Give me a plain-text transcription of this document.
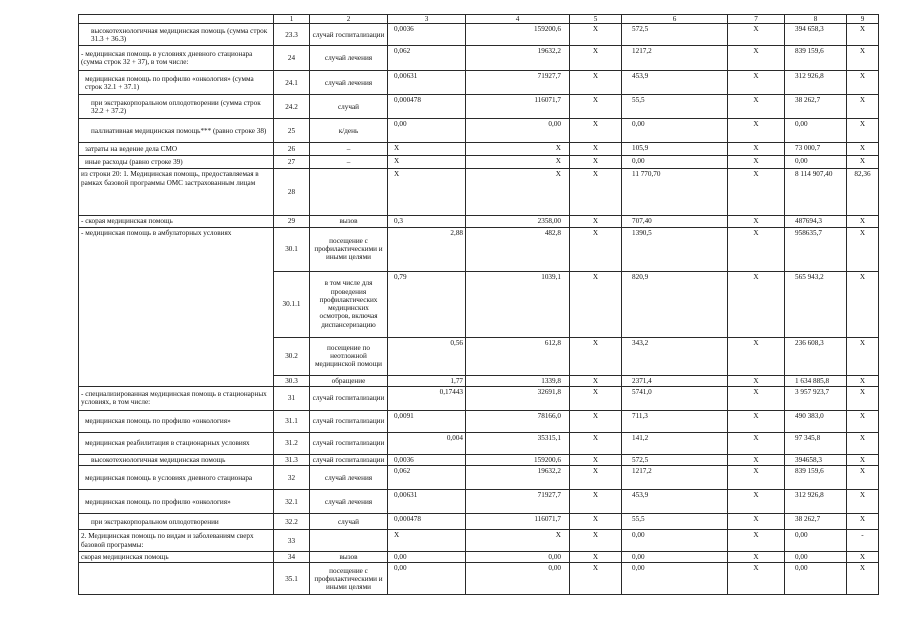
	1	2	3	4	5	6	7	8	9
высокотехнологичная медицинская помощь (сумма строк 31.3 + 36.3)	23.3	случай госпитализации	0,0036	159200,6	X	572,5	X	394 658,3	X
- медицинская помощь в условиях дневного стационара (сумма строк 32 + 37), в том числе:	24	случай лечения	0,062	19632,2	X	1217,2	X	839 159,6	X
медицинская помощь по профилю «онкология» (сумма строк 32.1 + 37.1)	24.1	случай лечения	0,00631	71927,7	X	453,9	X	312 926,8	X
при экстракорпоральном оплодотворении (сумма строк 32.2 + 37.2)	24.2	случай	0,000478	116071,7	X	55,5	X	38 262,7	X
паллиативная медицинская помощь*** (равно строке 38)	25	к/день	0,00	0,00	X	0,00	X	0,00	X
затраты на ведение дела СМО	26	–	X	X	X	105,9	X	73 000,7	X
иные расходы (равно строке 39)	27	–	X	X	X	0,00	X	0,00	X
из строки 20: 1. Медицинская помощь, предоставляемая в рамках базовой программы ОМС застрахованным лицам	28		X	X	X	11 770,70	X	8 114 907,40	82,36
- скорая медицинская помощь	29	вызов	0,3	2358,00	X	707,40	X	487694,3	X
- медицинская помощь в амбулаторных условиях	30.1	посещение с профилактическими и иными целями	2,88	482,8	X	1390,5	X	958635,7	X
	30.1.1	в том числе для проведения профилактических медицинских осмотров, включая диспансеризацию	0,79	1039,1	X	820,9	X	565 943,2	X
	30.2	посещение по неотложной медицинской помощи	0,56	612,8	X	343,2	X	236 608,3	X
	30.3	обращение	1,77	1339,8	X	2371,4	X	1 634 885,8	X
- специализированная медицинская помощь в стационарных условиях, в том числе:	31	случай госпитализации	0,17443	32691,8	X	5741,0	X	3 957 923,7	X
медицинская помощь по профилю «онкология»	31.1	случай госпитализации	0,0091	78166,0	X	711,3	X	490 383,0	X
медицинская реабилитация в стационарных условиях	31.2	случай госпитализации	0,004	35315,1	X	141,2	X	97 345,8	X
высокотехнологичная медицинская помощь	31.3	случай госпитализации	0,0036	159200,6	X	572,5	X	394658,3	X
медицинская помощь в условиях дневного стационара	32	случай лечения	0,062	19632,2	X	1217,2	X	839 159,6	X
медицинская помощь по профилю «онкология»	32.1	случай лечения	0,00631	71927,7	X	453,9	X	312 926,8	X
при экстракорпоральном оплодотворении	32.2	случай	0,000478	116071,7	X	55,5	X	38 262,7	X
2. Медицинская помощь по видам и заболеваниям сверх базовой программы:	33		X	X	X	0,00	X	0,00	-
скорая медицинская помощь	34	вызов	0,00	0,00	X	0,00	X	0,00	X
	35.1	посещение с профилактическими и иными целями	0,00	0,00	X	0,00	X	0,00	X
